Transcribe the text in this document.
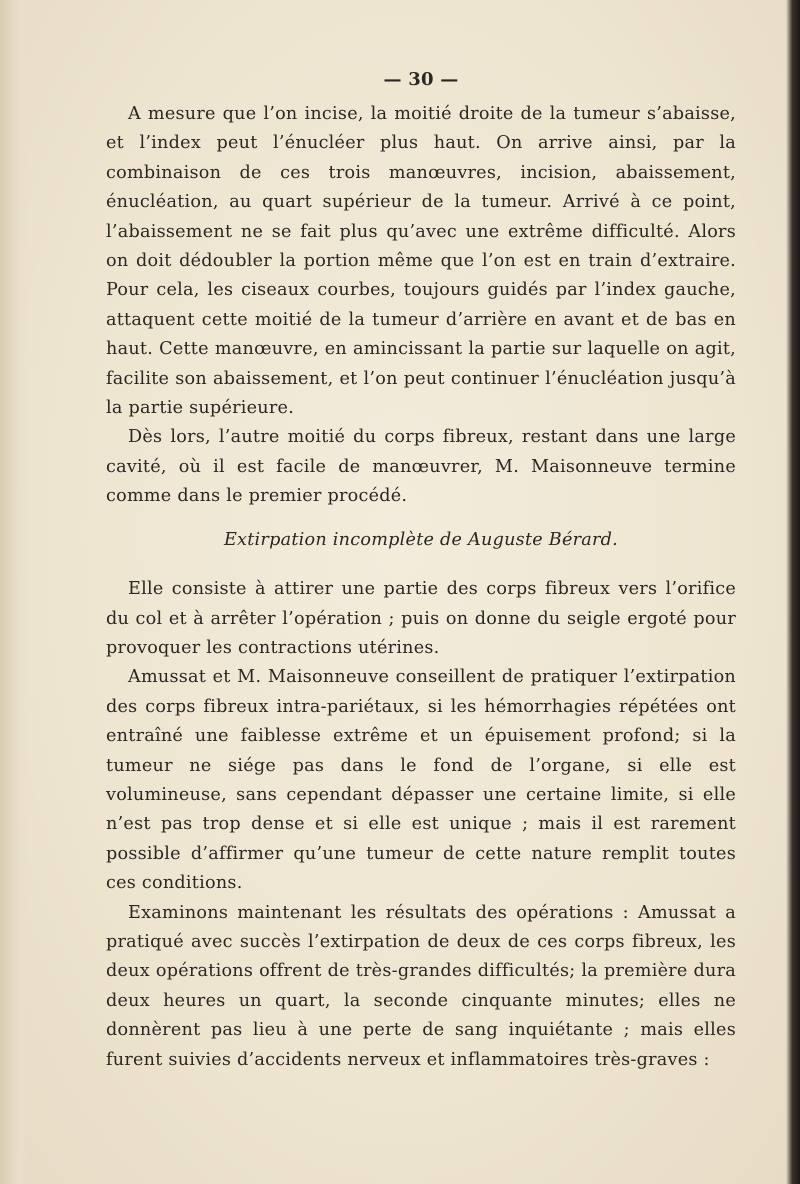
— 30 —

A mesure que l’on incise, la moitié droite de la tumeur s’abaisse, et l’index peut l’énucléer plus haut. On arrive ainsi, par la combinaison de ces trois manœuvres, incision, abaissement, énucléation, au quart supérieur de la tumeur. Arrivé à ce point, l’abaissement ne se fait plus qu’avec une extrême difficulté. Alors on doit dédoubler la portion même que l’on est en train d’extraire. Pour cela, les ciseaux courbes, toujours guidés par l’index gauche, attaquent cette moitié de la tumeur d’arrière en avant et de bas en haut. Cette manœuvre, en amincissant la partie sur laquelle on agit, facilite son abaissement, et l’on peut continuer l’énucléation jusqu’à la partie supérieure.

Dès lors, l’autre moitié du corps fibreux, restant dans une large cavité, où il est facile de manœuvrer, M. Maisonneuve termine comme dans le premier procédé.

Extirpation incomplète de Auguste Bérard.

Elle consiste à attirer une partie des corps fibreux vers l’orifice du col et à arrêter l’opération ; puis on donne du seigle ergoté pour provoquer les contractions utérines.

Amussat et M. Maisonneuve conseillent de pratiquer l’extirpation des corps fibreux intra-pariétaux, si les hémorrhagies répétées ont entraîné une faiblesse extrême et un épuisement profond; si la tumeur ne siége pas dans le fond de l’organe, si elle est volumineuse, sans cependant dépasser une certaine limite, si elle n’est pas trop dense et si elle est unique ; mais il est rarement possible d’affirmer qu’une tumeur de cette nature remplit toutes ces conditions.

Examinons maintenant les résultats des opérations : Amussat a pratiqué avec succès l’extirpation de deux de ces corps fibreux, les deux opérations offrent de très-grandes difficultés; la première dura deux heures un quart, la seconde cinquante minutes; elles ne donnèrent pas lieu à une perte de sang inquiétante ; mais elles furent suivies d’accidents nerveux et inflammatoires très-graves :
